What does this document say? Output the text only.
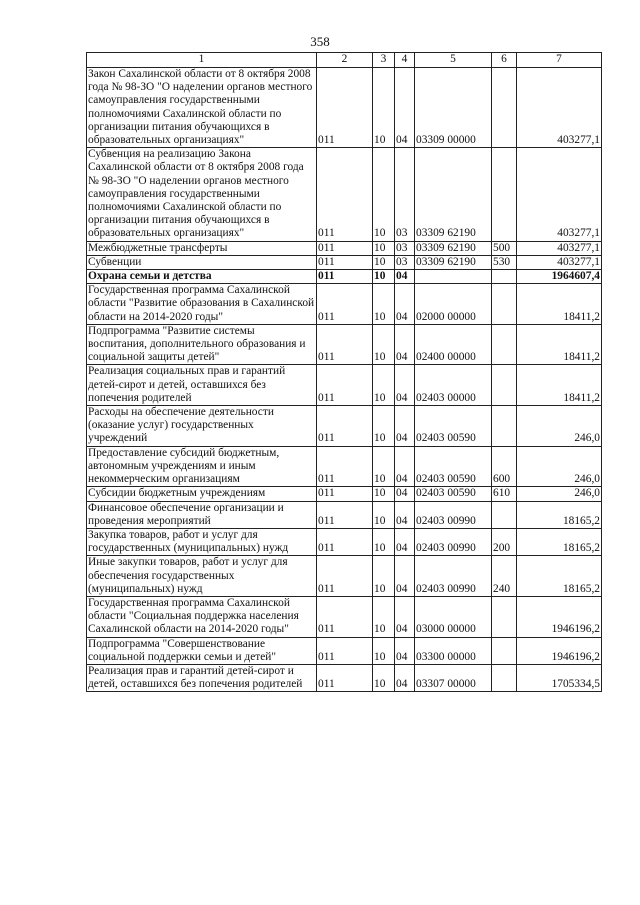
358
1	2	3	4	5	6	7
Закон Сахалинской области от 8 октября 2008 года № 98-ЗО "О наделении органов местного самоуправления государственными полномочиями Сахалинской области по организации питания обучающихся в образовательных организациях"	011	10	04	03309 00000		403277,1
Субвенция на реализацию Закона Сахалинской области от 8 октября 2008 года № 98-ЗО "О наделении органов местного самоуправления государственными полномочиями Сахалинской области по организации питания обучающихся в образовательных организациях"	011	10	03	03309 62190		403277,1
Межбюджетные трансферты	011	10	03	03309 62190	500	403277,1
Субвенции	011	10	03	03309 62190	530	403277,1
Охрана семьи и детства	011	10	04			1964607,4
Государственная программа Сахалинской области "Развитие образования в Сахалинской области на 2014-2020 годы"	011	10	04	02000 00000		18411,2
Подпрограмма "Развитие системы воспитания, дополнительного образования и социальной защиты детей"	011	10	04	02400 00000		18411,2
Реализация социальных прав и гарантий детей-сирот и детей, оставшихся без попечения родителей	011	10	04	02403 00000		18411,2
Расходы на обеспечение деятельности (оказание услуг) государственных учреждений	011	10	04	02403 00590		246,0
Предоставление субсидий бюджетным, автономным учреждениям и иным некоммерческим организациям	011	10	04	02403 00590	600	246,0
Субсидии бюджетным учреждениям	011	10	04	02403 00590	610	246,0
Финансовое обеспечение организации и проведения мероприятий	011	10	04	02403 00990		18165,2
Закупка товаров, работ и услуг для государственных (муниципальных) нужд	011	10	04	02403 00990	200	18165,2
Иные закупки товаров, работ и услуг для обеспечения государственных (муниципальных) нужд	011	10	04	02403 00990	240	18165,2
Государственная программа Сахалинской области "Социальная поддержка населения Сахалинской области на 2014-2020 годы"	011	10	04	03000 00000		1946196,2
Подпрограмма "Совершенствование социальной поддержки семьи и детей"	011	10	04	03300 00000		1946196,2
Реализация прав и гарантий детей-сирот и детей, оставшихся без попечения родителей	011	10	04	03307 00000		1705334,5
